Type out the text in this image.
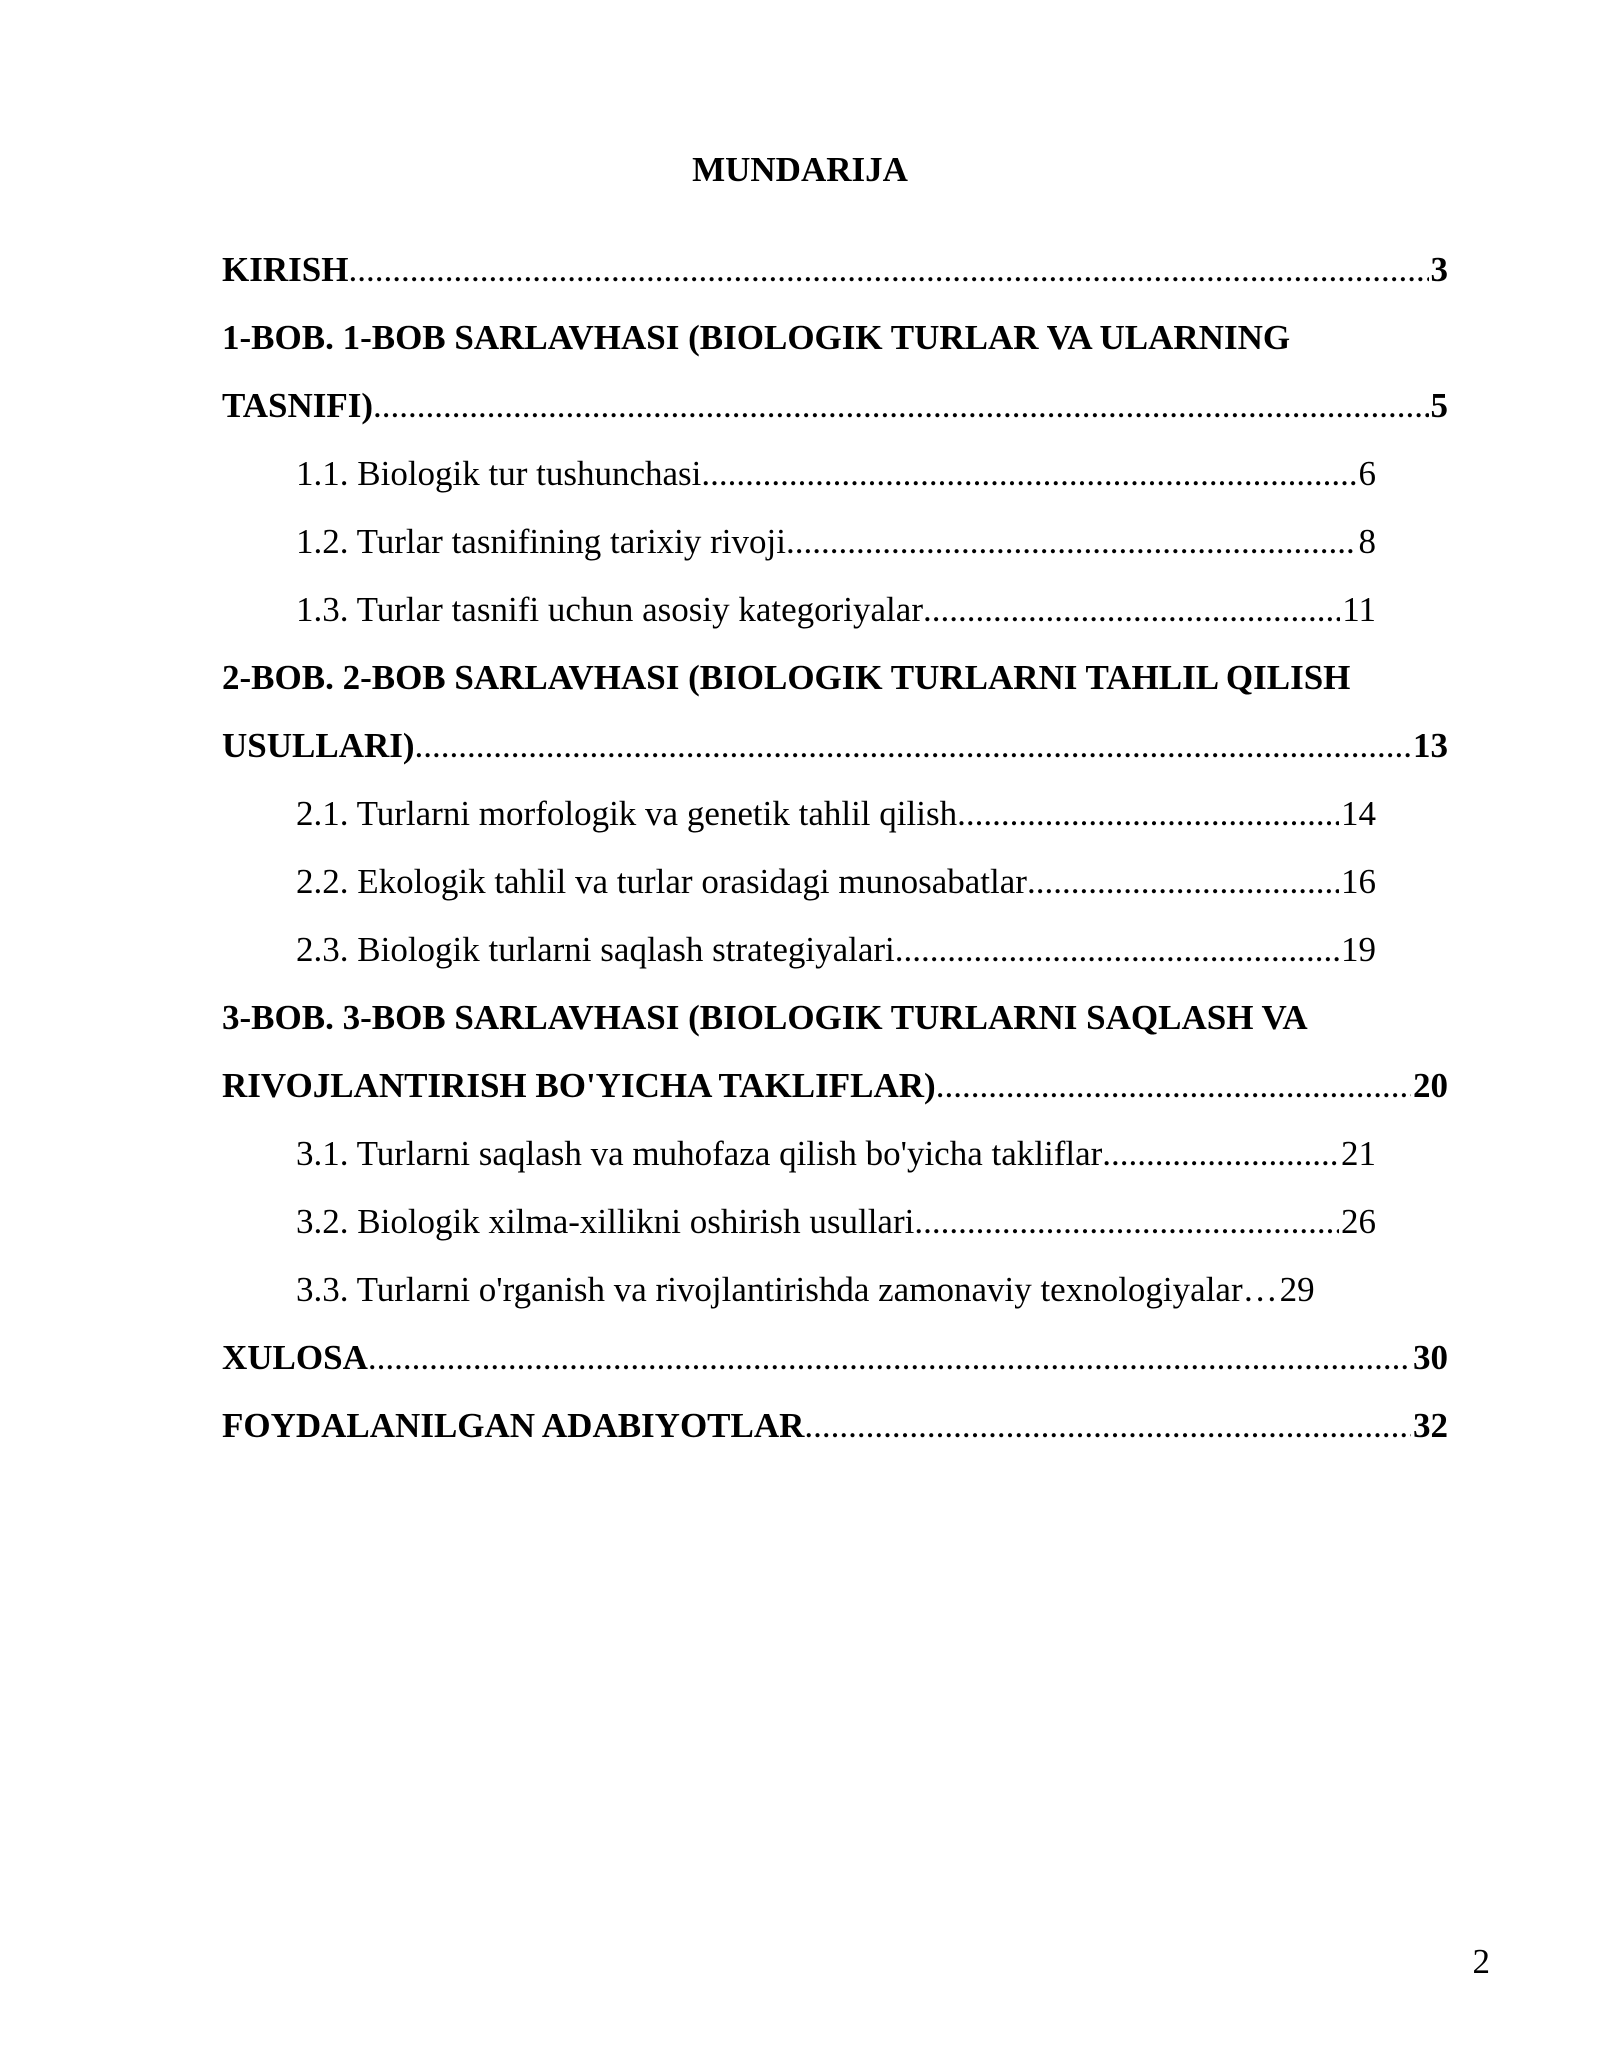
MUNDARIJA
KIRISH .....	3
1-BOB. 1-BOB SARLAVHASI (BIOLOGIK TURLAR VA ULARNING
TASNIFI) .....	5
1.1. Biologik tur tushunchasi .....	6
1.2. Turlar tasnifining tarixiy rivoji .....	8
1.3. Turlar tasnifi uchun asosiy kategoriyalar .....	11
2-BOB. 2-BOB SARLAVHASI (BIOLOGIK TURLARNI TAHLIL QILISH
USULLARI) .....	13
2.1. Turlarni morfologik va genetik tahlil qilish .....	14
2.2. Ekologik tahlil va turlar orasidagi munosabatlar .....	16
2.3. Biologik turlarni saqlash strategiyalari .....	19
3-BOB. 3-BOB SARLAVHASI (BIOLOGIK TURLARNI SAQLASH VA
RIVOJLANTIRISH BO'YICHA TAKLIFLAR) .....	20
3.1. Turlarni saqlash va muhofaza qilish bo'yicha takliflar .....	21
3.2. Biologik xilma-xillikni oshirish usullari .....	26
3.3. Turlarni o'rganish va rivojlantirishda zamonaviy texnologiyalar… 29
XULOSA .....	30
FOYDALANILGAN ADABIYOTLAR .....	32
2
